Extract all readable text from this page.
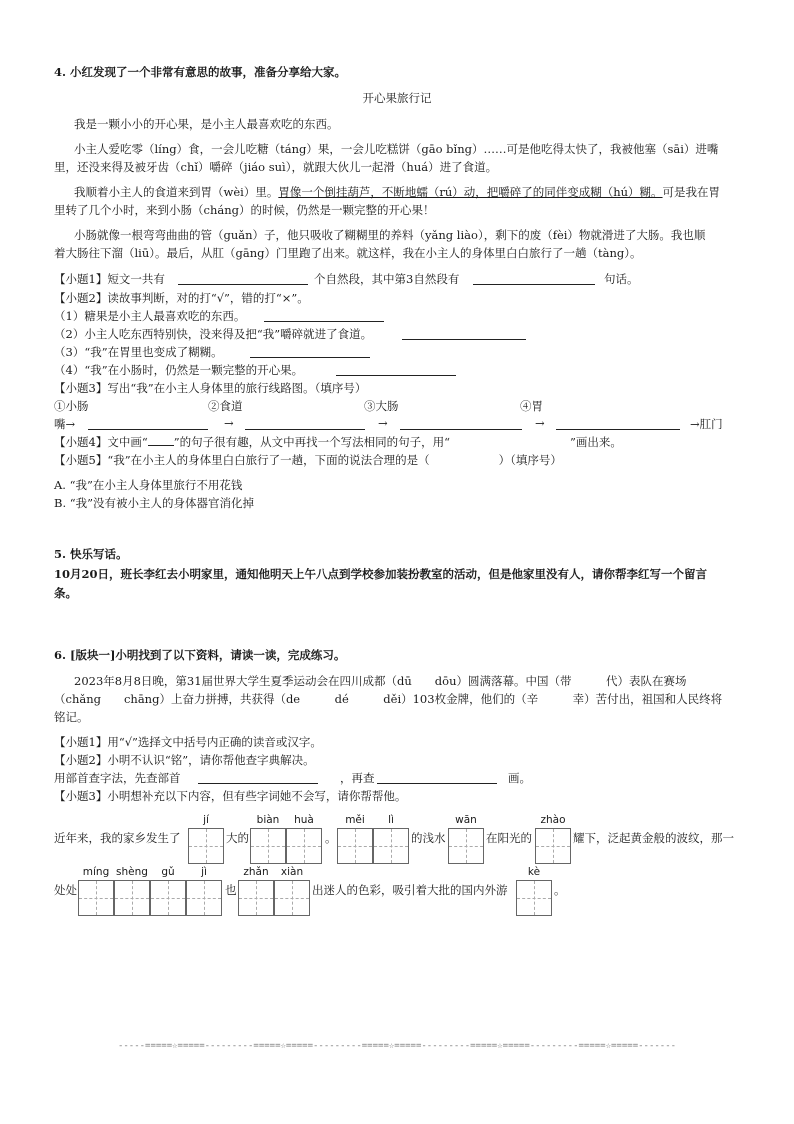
4. 小红发现了一个非常有意思的故事，准备分享给大家。
开心果旅行记
我是一颗小小的开心果，是小主人最喜欢吃的东西。
小主人爱吃零（líng）食，一会儿吃糖（táng）果，一会儿吃糕饼（gāo bǐng）……可是他吃得太快了，我被他塞（sāi）进嘴
里，还没来得及被牙齿（chǐ）嚼碎（jiáo suì），就跟大伙儿一起滑（huá）进了食道。
我顺着小主人的食道来到胃（wèi）里。胃像一个倒挂葫芦，不断地蠕（rú）动，把嚼碎了的同伴变成糊（hú）糊。可是我在胃
里转了几个小时，来到小肠（cháng）的时候，仍然是一颗完整的开心果！
小肠就像一根弯弯曲曲的管（guǎn）子，他只吸收了糊糊里的养料（yǎng liào），剩下的废（fèi）物就滑进了大肠。我也顺
着大肠往下溜（liū）。最后，从肛（gāng）门里跑了出来。就这样，我在小主人的身体里白白旅行了一趟（tàng）。
【小题1】短文一共有	个自然段，其中第3自然段有	句话。
【小题2】读故事判断，对的打“√”，错的打“×”。
（1）糖果是小主人最喜欢吃的东西。
（2）小主人吃东西特别快，没来得及把“我”嚼碎就进了食道。
（3）“我”在胃里也变成了糊糊。
（4）“我”在小肠时，仍然是一颗完整的开心果。
【小题3】写出“我”在小主人身体里的旅行线路图。（填序号）
①小肠	②食道	③大肠	④胃
嘴→	→	→	→	→肛门
【小题4】文中画“ ”的句子很有趣，从文中再找一个写法相同的句子，用“	”画出来。
【小题5】“我”在小主人的身体里白白旅行了一趟，下面的说法合理的是（　　　　　　）（填序号）
A. “我”在小主人身体里旅行不用花钱
B. “我”没有被小主人的身体器官消化掉
5. 快乐写话。
10月20日，班长李红去小明家里，通知他明天上午八点到学校参加装扮教室的活动，但是他家里没有人，请你帮李红写一个留言
条。
6. [版块一]小明找到了以下资料，请读一读，完成练习。
2023年8月8日晚，第31届世界大学生夏季运动会在四川成都（dū　　dōu）圆满落幕。中国（带　　　代）表队在赛场
（chǎng　　chāng）上奋力拼搏，共获得（de　　　dé　　　děi）103枚金牌，他们的（辛　　　幸）苦付出，祖国和人民终将
铭记。
【小题1】用“√”选择文中括号内正确的读音或汉字。
【小题2】小明不认识“铭”，请你帮他查字典解决。
用部首查字法，先查部首	，再查	画。
【小题3】小明想补充以下内容，但有些字词她不会写，请你帮帮他。
近年来，我的家乡发生了
jí
大的
biàn	huà
。
měi	lì
的浅水
wān
在阳光的
zhào
耀下，泛起黄金般的波纹，那一
处处
míng shèng	gǔ	jì
也
zhǎn	xiàn
出迷人的色彩，吸引着大批的国内外游
kè
。
-----=====☆=====---------=====☆=====---------=====☆=====---------=====☆=====---------=====☆=====-------
